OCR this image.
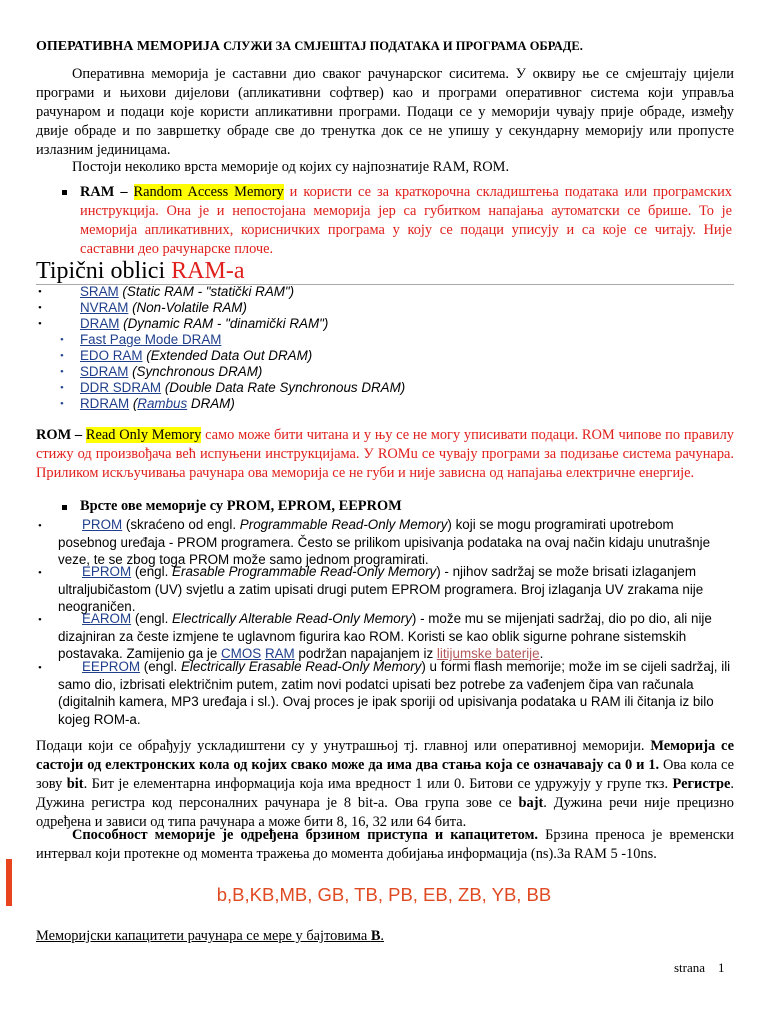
ОПЕРАТИВНА МЕМОРИЈА СЛУЖИ ЗА СМЈЕШТАЈ ПОДАТАКА И ПРОГРАМА ОБРАДЕ.
Оперативна меморија је саставни дио сваког рачунарског сиситема. У оквиру ње се смјештају цијели програми и њихови дијелови (апликативни софтвер) као и програми оперативног система који управља рачунаром и подаци које користи апликативни програми. Подаци се у меморији чувају прије обраде, између двије обраде и по завршетку обраде све до тренутка док се не упишу у секундарну меморију или пропусте излазним јединицама.
Постоји неколико врста меморије од којих су најпознатије RAM, ROM.
RAM – Random Access Memory и користи се за краткорочна складиштења података или програмских инструкција. Она је и непостојана меморија јер са губитком напајања аутоматски се брише. То је меморија апликативних, корисничких програма у коју се подаци уписују и са које се читају. Није саставни део рачунарске плоче.
Tipični oblici RAM-a
•	SRAM (Static RAM - "statički RAM")
•	NVRAM (Non-Volatile RAM)
•	DRAM (Dynamic RAM - "dinamički RAM")
• Fast Page Mode DRAM
• EDO RAM (Extended Data Out DRAM)
• SDRAM (Synchronous DRAM)
• DDR SDRAM (Double Data Rate Synchronous DRAM)
• RDRAM (Rambus DRAM)
ROM – Read Only Memory само може бити читана и у њу се не могу уписивати подаци. ROM чипове по правилу стижу од произвођача већ испуњени инструкцијама. У ROMu се чувају програми за подизање система рачунара. Приликом искључивања рачунара ова меморија се не губи и није зависна од напајања електричне енергије.
Врсте ове меморије су PROM, EPROM, EEPROM
•	PROM (skraćeno od engl. Programmable Read-Only Memory) koji se mogu programirati upotrebom posebnog uređaja - PROM programera. Često se prilikom upisivanja podataka na ovaj način kidaju unutrašnje veze, te se zbog toga PROM može samo jednom programirati.
•	EPROM (engl. Erasable Programmable Read-Only Memory) - njihov sadržaj se može brisati izlaganjem ultraljubičastom (UV) svjetlu a zatim upisati drugi putem EPROM programera. Broj izlaganja UV zrakama nije neograničen.
•	EAROM (engl. Electrically Alterable Read-Only Memory) - može mu se mijenjati sadržaj, dio po dio, ali nije dizajniran za česte izmjene te uglavnom figurira kao ROM. Koristi se kao oblik sigurne pohrane sistemskih postavaka. Zamijenio ga je CMOS RAM podržan napajanjem iz litijumske baterije.
•	EEPROM (engl. Electrically Erasable Read-Only Memory) u formi flash memorije; može im se cijeli sadržaj, ili samo dio, izbrisati električnim putem, zatim novi podatci upisati bez potrebe za vađenjem čipa van računala (digitalnih kamera, MP3 uređaja i sl.). Ovaj proces je ipak sporiji od upisivanja podataka u RAM ili čitanja iz bilo kojeg ROM-a.
Подаци који се обрађују ускладиштени су у унутрашњој тј. главној или оперативној меморији. Меморија се састоји од електронских кола од којих свако може да има два стања која се означавају са 0 и 1. Ова кола се зову bit. Бит је елементарна информација која има вредност 1 или 0. Битови се удружују у групе ткз. Регистре. Дужина регистра код персоналних рачунара је 8 bit-а. Ова група зове се bajt. Дужина речи није прецизно одређена и зависи од типа рачунара а може бити 8, 16, 32 или 64 бита.
Способност меморије је одређена брзином приступа и капацитетом. Брзина преноса је временски интервал који протекне од момента тражења до момента добијања информација (ns).За RAM 5 -10ns.
b,B,KB,MB, GB, TB, PB, EB, ZB, YB, BB
Меморијски капацитети рачунара се мере у бајтовима B.
strana    1
